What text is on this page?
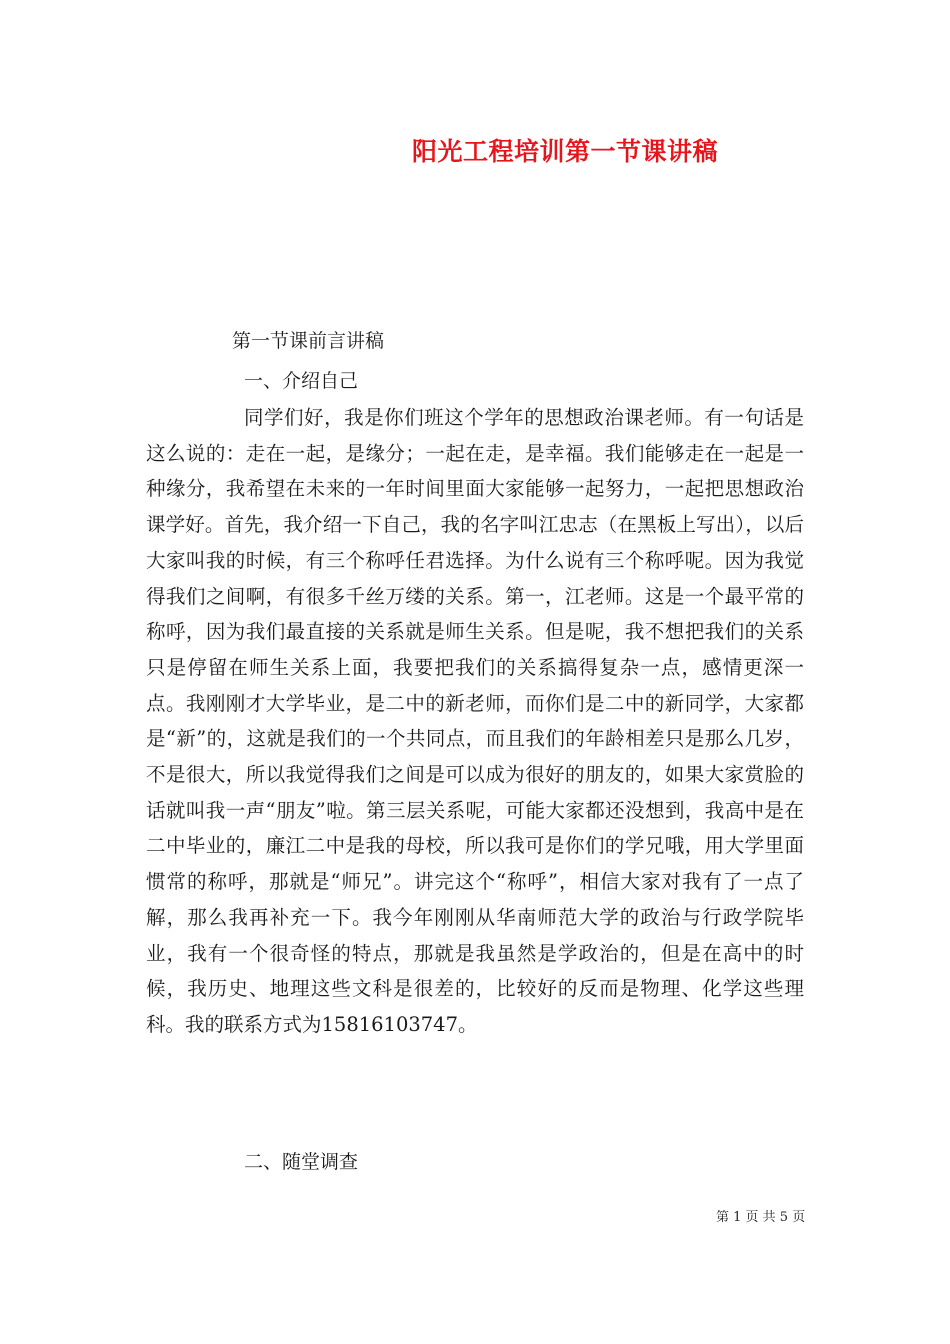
阳光工程培训第一节课讲稿
第一节课前言讲稿
一、介绍自己

同学们好，我是你们班这个学年的思想政治课老师。有一句话是这么说的：走在一起，是缘分；一起在走，是幸福。我们能够走在一起是一种缘分，我希望在未来的一年时间里面大家能够一起努力，一起把思想政治课学好。首先，我介绍一下自己，我的名字叫江忠志（在黑板上写出），以后大家叫我的时候，有三个称呼任君选择。为什么说有三个称呼呢。因为我觉得我们之间啊，有很多千丝万缕的关系。第一，江老师。这是一个最平常的称呼，因为我们最直接的关系就是师生关系。但是呢，我不想把我们的关系只是停留在师生关系上面，我要把我们的关系搞得复杂一点，感情更深一点。我刚刚才大学毕业，是二中的新老师，而你们是二中的新同学，大家都是“新”的，这就是我们的一个共同点，而且我们的年龄相差只是那么几岁，不是很大，所以我觉得我们之间是可以成为很好的朋友的，如果大家赏脸的话就叫我一声“朋友”啦。第三层关系呢，可能大家都还没想到，我高中是在二中毕业的，廉江二中是我的母校，所以我可是你们的学兄哦，用大学里面惯常的称呼，那就是“师兄”。讲完这个“称呼”，相信大家对我有了一点了解，那么我再补充一下。我今年刚刚从华南师范大学的政治与行政学院毕业，我有一个很奇怪的特点，那就是我虽然是学政治的，但是在高中的时候，我历史、地理这些文科是很差的，比较好的反而是物理、化学这些理科。我的联系方式为15816103747。

二、随堂调查
第 1 页 共 5 页
